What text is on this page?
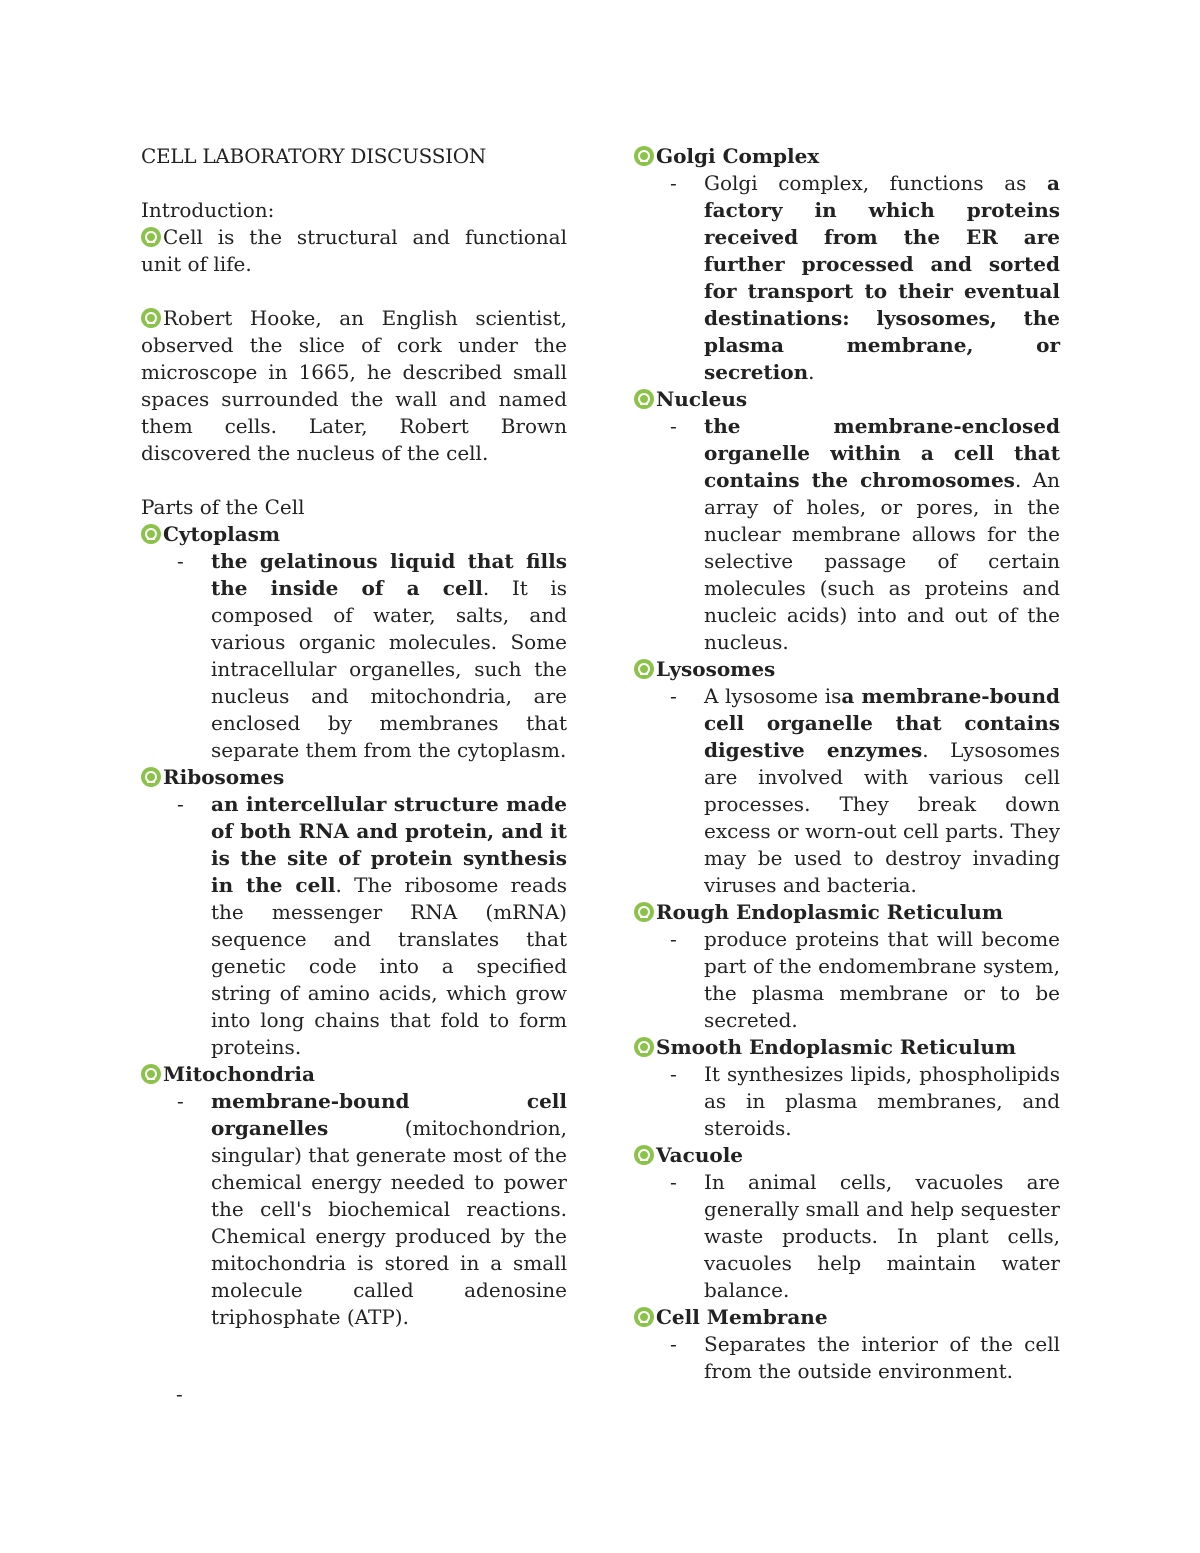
CELL LABORATORY DISCUSSION

Introduction:

Cell is the structural and functional unit of life.

Robert Hooke, an English scientist, observed the slice of cork under the microscope in 1665, he described small spaces surrounded the wall and named them cells. Later, Robert Brown discovered the nucleus of the cell.

Parts of the Cell

Cytoplasm

- the gelatinous liquid that fills the inside of a cell. It is composed of water, salts, and various organic molecules. Some intracellular organelles, such the nucleus and mitochondria, are enclosed by membranes that separate them from the cytoplasm.

Ribosomes

- an intercellular structure made of both RNA and protein, and it is the site of protein synthesis in the cell. The ribosome reads the messenger RNA (mRNA) sequence and translates that genetic code into a specified string of amino acids, which grow into long chains that fold to form proteins.

Mitochondria

- membrane-bound cell organelles (mitochondrion, singular) that generate most of the chemical energy needed to power the cell's biochemical reactions. Chemical energy produced by the mitochondria is stored in a small molecule called adenosine triphosphate (ATP).

-

Golgi Complex

- Golgi complex, functions as a factory in which proteins received from the ER are further processed and sorted for transport to their eventual destinations: lysosomes, the plasma membrane, or secretion.

Nucleus

- the membrane-enclosed organelle within a cell that contains the chromosomes. An array of holes, or pores, in the nuclear membrane allows for the selective passage of certain molecules (such as proteins and nucleic acids) into and out of the nucleus.

Lysosomes

- A lysosome isa membrane-bound cell organelle that contains digestive enzymes. Lysosomes are involved with various cell processes. They break down excess or worn-out cell parts. They may be used to destroy invading viruses and bacteria.

Rough Endoplasmic Reticulum

- produce proteins that will become part of the endomembrane system, the plasma membrane or to be secreted.

Smooth Endoplasmic Reticulum

- It synthesizes lipids, phospholipids as in plasma membranes, and steroids.

Vacuole

- In animal cells, vacuoles are generally small and help sequester waste products. In plant cells, vacuoles help maintain water balance.

Cell Membrane

- Separates the interior of the cell from the outside environment.
